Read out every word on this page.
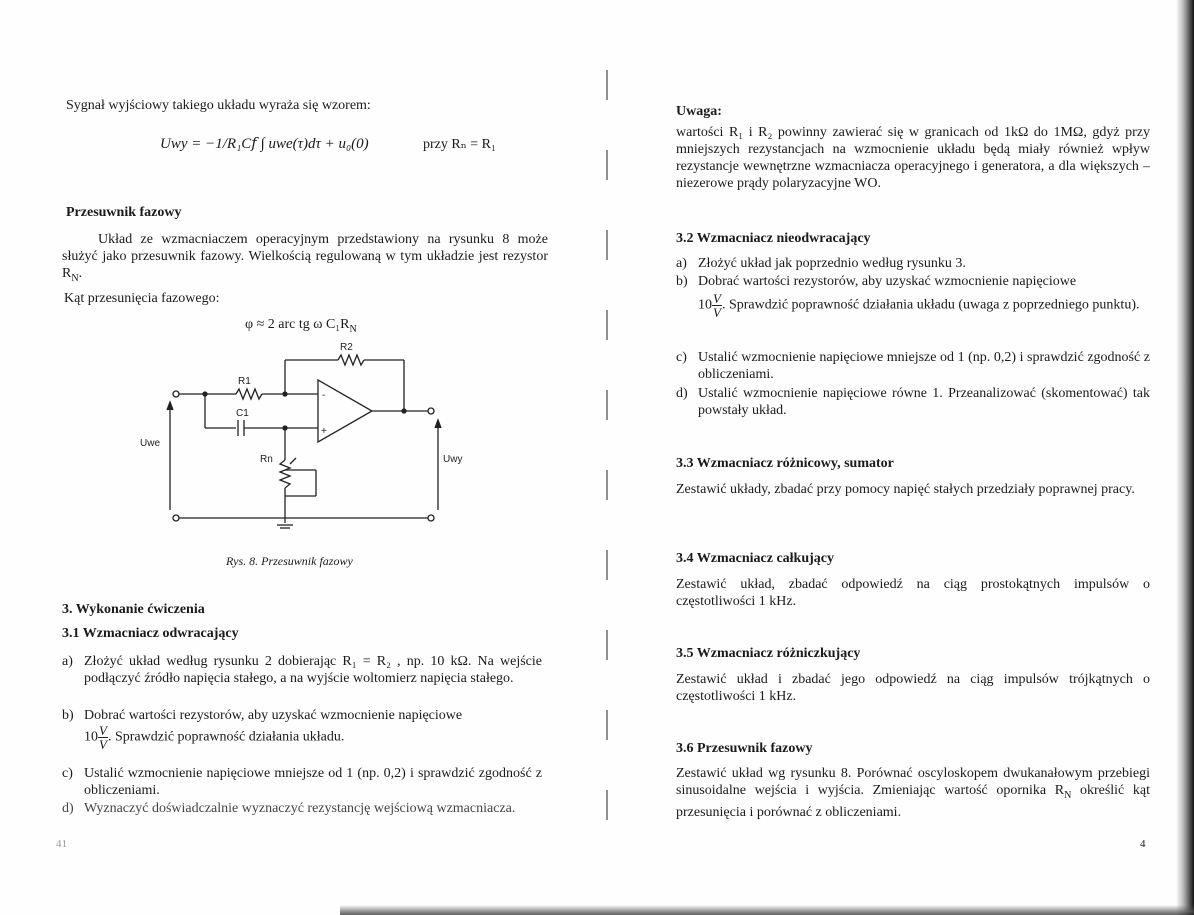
Sygnał wyjściowy takiego układu wyraża się wzorem:
Uwy = −1/R₁C𝑓 ∫ uwe(τ)dτ + u₀(0)	przy Rₙ = R₁
Przesuwnik fazowy
Układ ze wzmacniaczem operacyjnym przedstawiony na rysunku 8 może służyć jako przesuwnik fazowy. Wielkością regulowaną w tym układzie jest rezystor $R_N$.
Kąt przesunięcia fazowego:
φ ≈ 2 arc tg ω $C_1R_N$
R2
R1
C1
Rn
Uwe
Uwy
-
+
Rys. 8. Przesuwnik fazowy
3. Wykonanie ćwiczenia
3.1 Wzmacniacz odwracający
a) Złożyć układ według rysunku 2 dobierając R₁ = R₂ , np. 10 kΩ. Na wejście podłączyć źródło napięcia stałego, a na wyjście woltomierz napięcia stałego.
b) Dobrać wartości rezystorów, aby uzyskać wzmocnienie napięciowe
$10 \frac{V}{V}$ . Sprawdzić poprawność działania układu.
c) Ustalić wzmocnienie napięciowe mniejsze od 1 (np. 0,2) i sprawdzić zgodność z obliczeniami.
d) Wyznaczyć doświadczalnie wyznaczyć rezystancję wejściową wzmacniacza.
41
Uwaga:
wartości R₁ i R₂ powinny zawierać się w granicach od 1kΩ do 1MΩ, gdyż przy mniejszych rezystancjach na wzmocnienie układu będą miały również wpływ rezystancje wewnętrzne wzmacniacza operacyjnego i generatora, a dla większych – niezerowe prądy polaryzacyjne WO.
3.2 Wzmacniacz nieodwracający
a) Złożyć układ jak poprzednio według rysunku 3.
b) Dobrać wartości rezystorów, aby uzyskać wzmocnienie napięciowe
$10 \frac{V}{V}$ . Sprawdzić poprawność działania układu (uwaga z poprzedniego punktu).
c) Ustalić wzmocnienie napięciowe mniejsze od 1 (np. 0,2) i sprawdzić zgodność z obliczeniami.
d) Ustalić wzmocnienie napięciowe równe 1. Przeanalizować (skomentować) tak powstały układ.
3.3 Wzmacniacz różnicowy, sumator
Zestawić układy, zbadać przy pomocy napięć stałych przedziały poprawnej pracy.
3.4 Wzmacniacz całkujący
Zestawić układ, zbadać odpowiedź na ciąg prostokątnych impulsów o częstotliwości 1 kHz.
3.5 Wzmacniacz różniczkujący
Zestawić układ i zbadać jego odpowiedź na ciąg impulsów trójkątnych o częstotliwości 1 kHz.
3.6 Przesuwnik fazowy
Zestawić układ wg rysunku 8. Porównać oscyloskopem dwukanałowym przebiegi sinusoidalne wejścia i wyjścia. Zmieniając wartość opornika $R_N$ określić kąt przesunięcia i porównać z obliczeniami.
4
